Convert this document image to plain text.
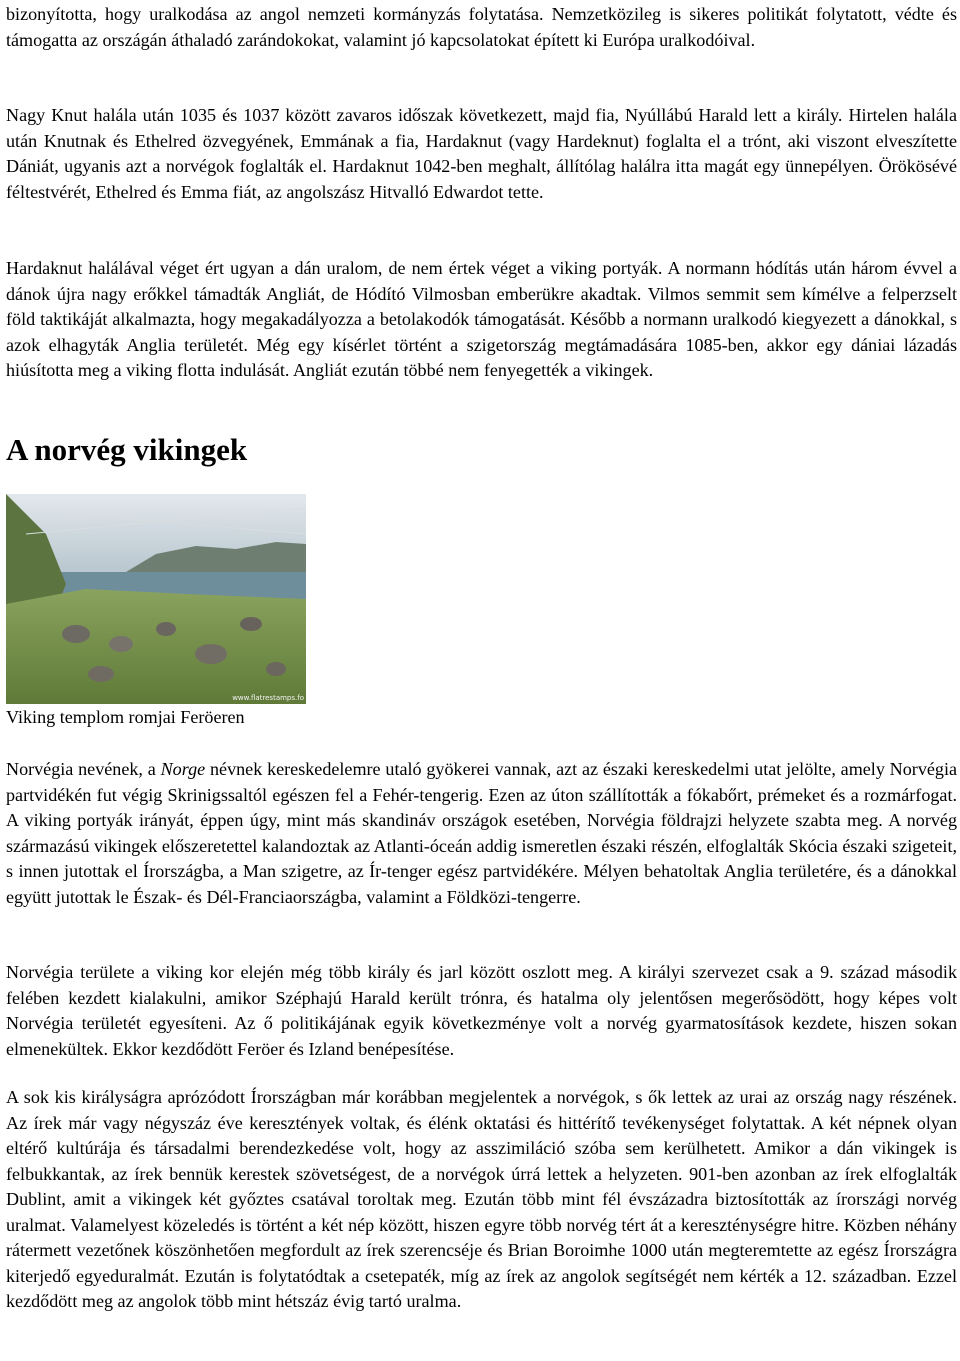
bizonyította, hogy uralkodása az angol nemzeti kormányzás folytatása. Nemzetközileg is sikeres politikát folytatott, védte és támogatta az országán áthaladó zarándokokat, valamint jó kapcsolatokat épített ki Európa uralkodóival.

Nagy Knut halála után 1035 és 1037 között zavaros időszak következett, majd fia, Nyúllábú Harald lett a király. Hirtelen halála után Knutnak és Ethelred özvegyének, Emmának a fia, Hardaknut (vagy Hardeknut) foglalta el a trónt, aki viszont elveszítette Dániát, ugyanis azt a norvégok foglalták el. Hardaknut 1042-ben meghalt, állítólag halálra itta magát egy ünnepélyen. Örökösévé féltestvérét, Ethelred és Emma fiát, az angolszász Hitvalló Edwardot tette.

Hardaknut halálával véget ért ugyan a dán uralom, de nem értek véget a viking portyák. A normann hódítás után három évvel a dánok újra nagy erőkkel támadták Angliát, de Hódító Vilmosban emberükre akadtak. Vilmos semmit sem kímélve a felperzselt föld taktikáját alkalmazta, hogy megakadályozza a betolakodók támogatását. Később a normann uralkodó kiegyezett a dánokkal, s azok elhagyták Anglia területét. Még egy kísérlet történt a szigetország megtámadására 1085-ben, akkor egy dániai lázadás hiúsította meg a viking flotta indulását. Angliát ezután többé nem fenyegették a vikingek.

A norvég vikingek
www.flatrestamps.fo

Viking templom romjai Feröeren

Norvégia nevének, a Norge névnek kereskedelemre utaló gyökerei vannak, azt az északi kereskedelmi utat jelölte, amely Norvégia partvidékén fut végig Skrinigssaltól egészen fel a Fehér-tengerig. Ezen az úton szállították a fókabőrt, prémeket és a rozmárfogat. A viking portyák irányát, éppen úgy, mint más skandináv országok esetében, Norvégia földrajzi helyzete szabta meg. A norvég származású vikingek előszeretettel kalandoztak az Atlanti-óceán addig ismeretlen északi részén, elfoglalták Skócia északi szigeteit, s innen jutottak el Írországba, a Man szigetre, az Ír-tenger egész partvidékére. Mélyen behatoltak Anglia területére, és a dánokkal együtt jutottak le Észak- és Dél-Franciaországba, valamint a Földközi-tengerre.

Norvégia területe a viking kor elején még több király és jarl között oszlott meg. A királyi szervezet csak a 9. század második felében kezdett kialakulni, amikor Széphajú Harald került trónra, és hatalma oly jelentősen megerősödött, hogy képes volt Norvégia területét egyesíteni. Az ő politikájának egyik következménye volt a norvég gyarmatosítások kezdete, hiszen sokan elmenekültek. Ekkor kezdődött Feröer és Izland benépesítése.

A sok kis királyságra aprózódott Írországban már korábban megjelentek a norvégok, s ők lettek az urai az ország nagy részének. Az írek már vagy négyszáz éve keresztények voltak, és élénk oktatási és hittérítő tevékenységet folytattak. A két népnek olyan eltérő kultúrája és társadalmi berendezkedése volt, hogy az asszimiláció szóba sem kerülhetett. Amikor a dán vikingek is felbukkantak, az írek bennük kerestek szövetségest, de a norvégok úrrá lettek a helyzeten. 901-ben azonban az írek elfoglalták Dublint, amit a vikingek két győztes csatával toroltak meg. Ezután több mint fél évszázadra biztosították az írországi norvég uralmat. Valamelyest közeledés is történt a két nép között, hiszen egyre több norvég tért át a kereszténységre hitre. Közben néhány rátermett vezetőnek köszönhetően megfordult az írek szerencséje és Brian Boroimhe 1000 után megteremtette az egész Írországra kiterjedő egyeduralmát. Ezután is folytatódtak a csetepaték, míg az írek az angolok segítségét nem kérték a 12. században. Ezzel kezdődött meg az angolok több mint hétszáz évig tartó uralma.
